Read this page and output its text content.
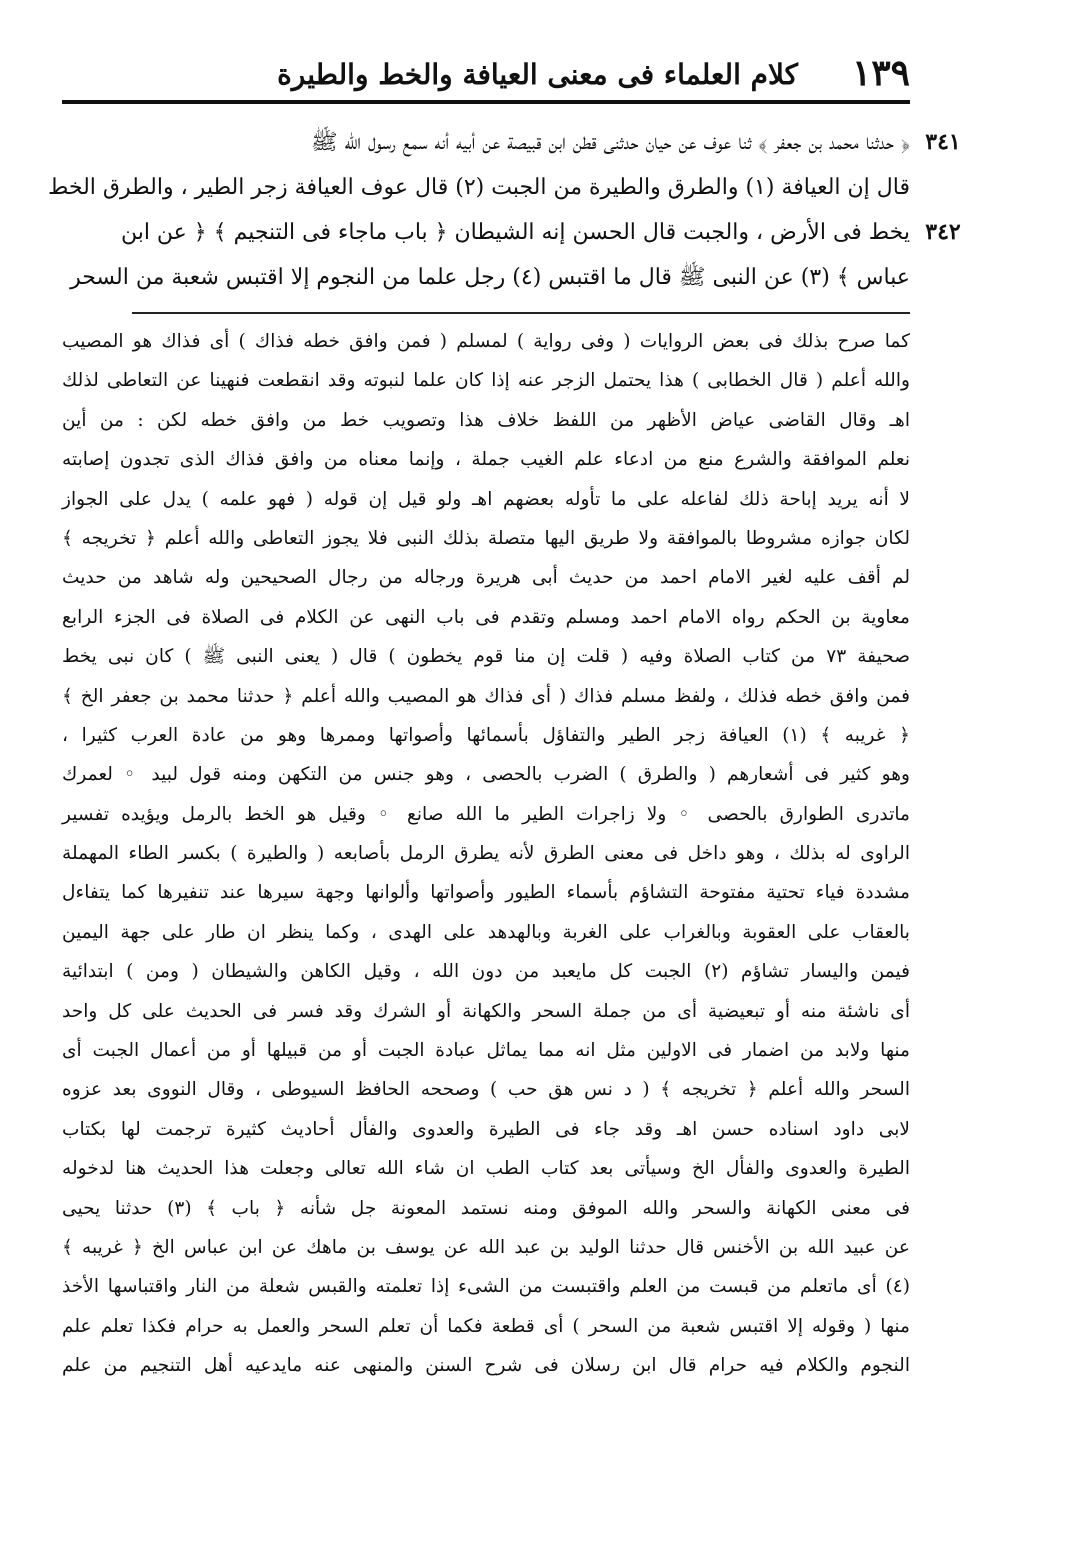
١٣٩
كلام العلماء فى معنى العيافة والخط والطيرة
٣٤١
﴿ حدثنا محمد بن جعفر ﴾ ثنا عوف عن حيان حدثنى قطن ابن قبيصة عن أبيه أنه سمع رسول الله ﷺ
قال إن العيافة (١) والطرق والطيرة من الجبت (٢) قال عوف العيافة زجر الطير ، والطرق الخط
٣٤٢
يخط فى الأرض ، والجبت قال الحسن إنه الشيطان ﴿ باب ماجاء فى التنجيم ﴾ ﴿ عن ابن
عباس ﴾ (٣) عن النبى ﷺ قال ما اقتبس (٤) رجل علما من النجوم إلا اقتبس شعبة من السحر
كما صرح بذلك فى بعض الروايات ( وفى رواية ) لمسلم ( فمن وافق خطه فذاك ) أى فذاك هو المصيب
والله أعلم ( قال الخطابى ) هذا يحتمل الزجر عنه إذا كان علما لنبوته وقد انقطعت فنهينا عن التعاطى لذلك
اهـ وقال القاضى عياض الأظهر من اللفظ خلاف هذا وتصويب خط من وافق خطه لكن : من أين
نعلم الموافقة والشرع منع من ادعاء علم الغيب جملة ، وإنما معناه من وافق فذاك الذى تجدون إصابته
لا أنه يريد إباحة ذلك لفاعله على ما تأوله بعضهم اهـ ولو قيل إن قوله ( فهو علمه ) يدل على الجواز
لكان جوازه مشروطا بالموافقة ولا طريق اليها متصلة بذلك النبى فلا يجوز التعاطى والله أعلم ﴿ تخريجه ﴾
لم أقف عليه لغير الامام احمد من حديث أبى هريرة ورجاله من رجال الصحيحين وله شاهد من حديث
معاوية بن الحكم رواه الامام احمد ومسلم وتقدم فى باب النهى عن الكلام فى الصلاة فى الجزء الرابع
صحيفة ٧٣ من كتاب الصلاة وفيه ( قلت إن منا قوم يخطون ) قال ( يعنى النبى ﷺ ) كان نبى يخط
فمن وافق خطه فذلك ، ولفظ مسلم فذاك ( أى فذاك هو المصيب والله أعلم ﴿ حدثنا محمد بن جعفر الخ ﴾
﴿ غريبه ﴾ (١) العيافة زجر الطير والتفاؤل بأسمائها وأصواتها وممرها وهو من عادة العرب كثيرا ،
وهو كثير فى أشعارهم ( والطرق ) الضرب بالحصى ، وهو جنس من التكهن ومنه قول لبيد ◦ لعمرك
ماتدرى الطوارق بالحصى ◦ ولا زاجرات الطير ما الله صانع ◦ وقيل هو الخط بالرمل ويؤيده تفسير
الراوى له بذلك ، وهو داخل فى معنى الطرق لأنه يطرق الرمل بأصابعه ( والطيرة ) بكسر الطاء المهملة
مشددة فياء تحتية مفتوحة التشاؤم بأسماء الطيور وأصواتها وألوانها وجهة سيرها عند تنفيرها كما يتفاءل
بالعقاب على العقوبة وبالغراب على الغربة وبالهدهد على الهدى ، وكما ينظر ان طار على جهة اليمين
فيمن واليسار تشاؤم (٢) الجبت كل مايعبد من دون الله ، وقيل الكاهن والشيطان ( ومن ) ابتدائية
أى ناشئة منه أو تبعيضية أى من جملة السحر والكهانة أو الشرك وقد فسر فى الحديث على كل واحد
منها ولابد من اضمار فى الاولين مثل انه مما يماثل عبادة الجبت أو من قبيلها أو من أعمال الجبت أى
السحر والله أعلم ﴿ تخريجه ﴾ ( د نس هق حب ) وصححه الحافظ السيوطى ، وقال النووى بعد عزوه
لابى داود اسناده حسن اهـ وقد جاء فى الطيرة والعدوى والفأل أحاديث كثيرة ترجمت لها بكتاب
الطيرة والعدوى والفأل الخ وسيأتى بعد كتاب الطب ان شاء الله تعالى وجعلت هذا الحديث هنا لدخوله
فى معنى الكهانة والسحر والله الموفق ومنه نستمد المعونة جل شأنه ﴿ باب ﴾ (٣) حدثنا يحيى
عن عبيد الله بن الأخنس قال حدثنا الوليد بن عبد الله عن يوسف بن ماهك عن ابن عباس الخ ﴿ غريبه ﴾
(٤) أى ماتعلم من قبست من العلم واقتبست من الشىء إذا تعلمته والقبس شعلة من النار واقتباسها الأخذ
منها ( وقوله إلا اقتبس شعبة من السحر ) أى قطعة فكما أن تعلم السحر والعمل به حرام فكذا تعلم علم
النجوم والكلام فيه حرام قال ابن رسلان فى شرح السنن والمنهى عنه مايدعيه أهل التنجيم من علم
